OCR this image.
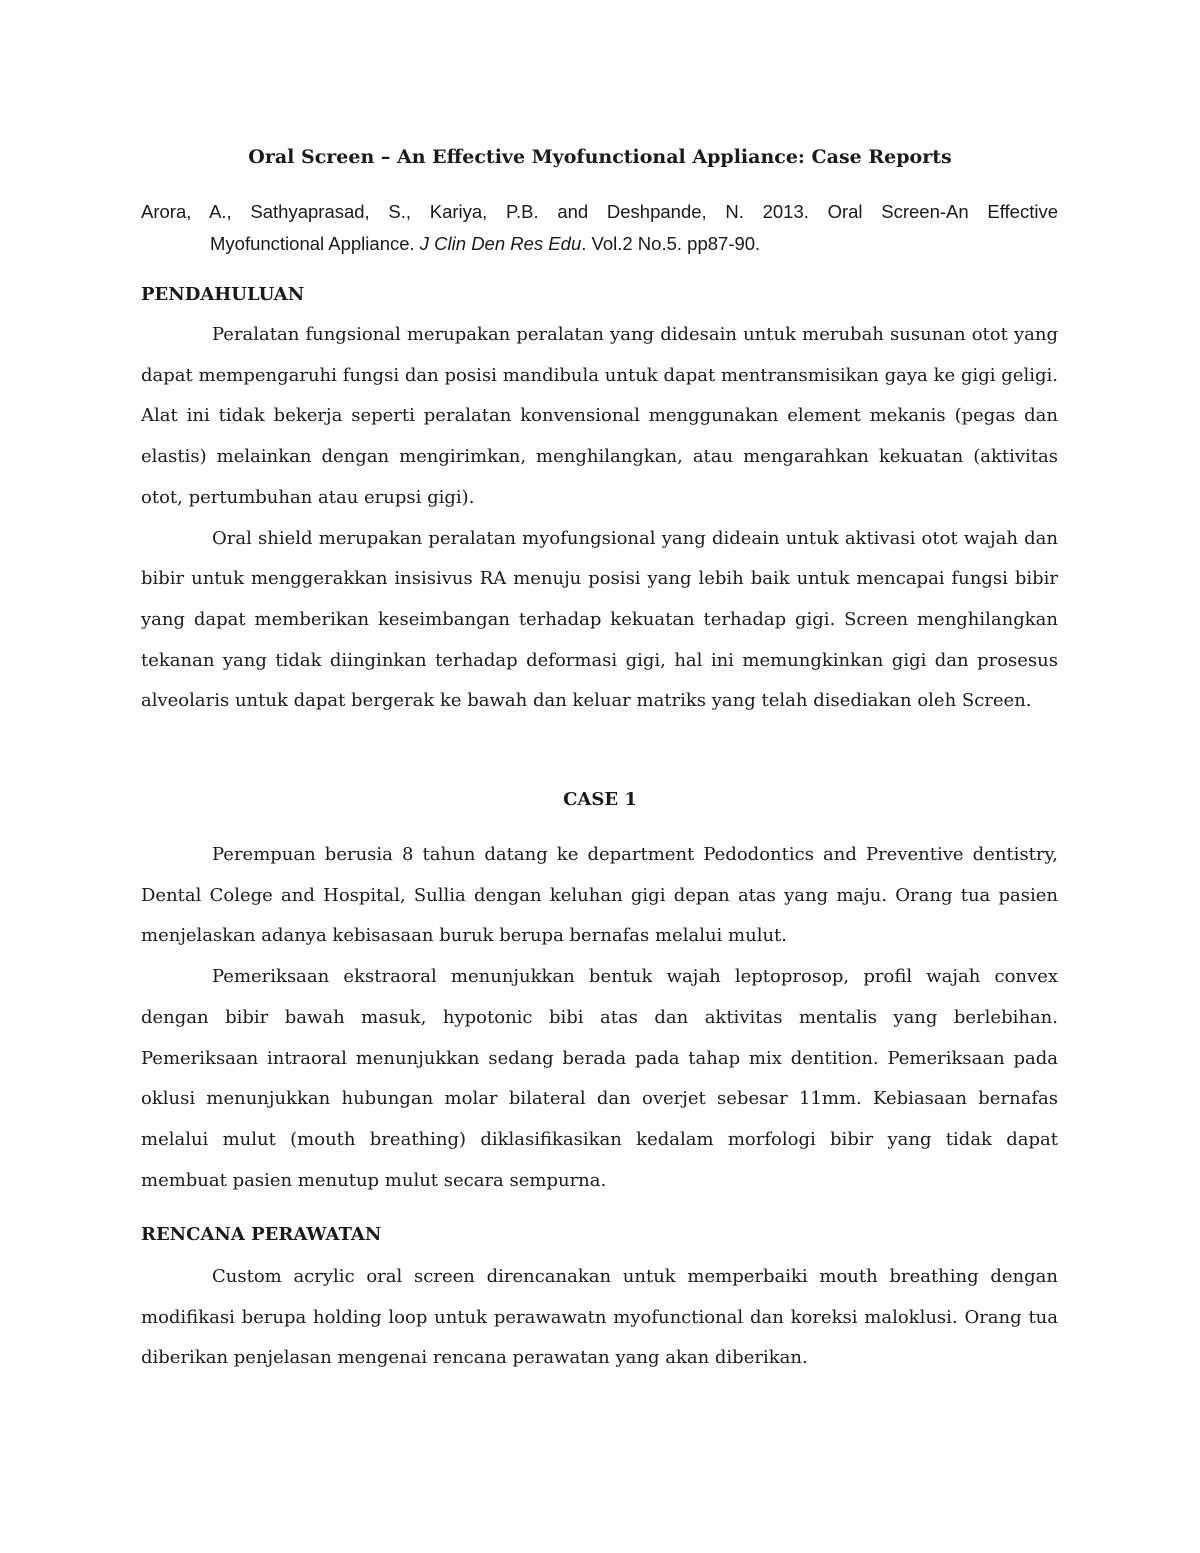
Oral Screen – An Effective Myofunctional Appliance: Case Reports
Arora, A., Sathyaprasad, S., Kariya, P.B. and Deshpande, N. 2013. Oral Screen-An Effective
Myofunctional Appliance. J Clin Den Res Edu. Vol.2 No.5. pp87-90.
PENDAHULUAN

Peralatan fungsional merupakan peralatan yang didesain untuk merubah susunan otot yang dapat mempengaruhi fungsi dan posisi mandibula untuk dapat mentransmisikan gaya ke gigi geligi. Alat ini tidak bekerja seperti peralatan konvensional menggunakan element mekanis (pegas dan elastis) melainkan dengan mengirimkan, menghilangkan, atau mengarahkan kekuatan (aktivitas otot, pertumbuhan atau erupsi gigi).

Oral shield merupakan peralatan myofungsional yang dideain untuk aktivasi otot wajah dan bibir untuk menggerakkan insisivus RA menuju posisi yang lebih baik untuk mencapai fungsi bibir yang dapat memberikan keseimbangan terhadap kekuatan terhadap gigi. Screen menghilangkan tekanan yang tidak diinginkan terhadap deformasi gigi, hal ini memungkinkan gigi dan prosesus alveolaris untuk dapat bergerak ke bawah dan keluar matriks yang telah disediakan oleh Screen.

CASE 1

Perempuan berusia 8 tahun datang ke department Pedodontics and Preventive dentistry, Dental Colege and Hospital, Sullia dengan keluhan gigi depan atas yang maju. Orang tua pasien menjelaskan adanya kebisasaan buruk berupa bernafas melalui mulut.

Pemeriksaan ekstraoral menunjukkan bentuk wajah leptoprosop, profil wajah convex dengan bibir bawah masuk, hypotonic bibi atas dan aktivitas mentalis yang berlebihan. Pemeriksaan intraoral menunjukkan sedang berada pada tahap mix dentition. Pemeriksaan pada oklusi menunjukkan hubungan molar bilateral dan overjet sebesar 11mm. Kebiasaan bernafas melalui mulut (mouth breathing) diklasifikasikan kedalam morfologi bibir yang tidak dapat membuat pasien menutup mulut secara sempurna.

RENCANA PERAWATAN

Custom acrylic oral screen direncanakan untuk memperbaiki mouth breathing dengan modifikasi berupa holding loop untuk perawawatn myofunctional dan koreksi maloklusi. Orang tua diberikan penjelasan mengenai rencana perawatan yang akan diberikan.
